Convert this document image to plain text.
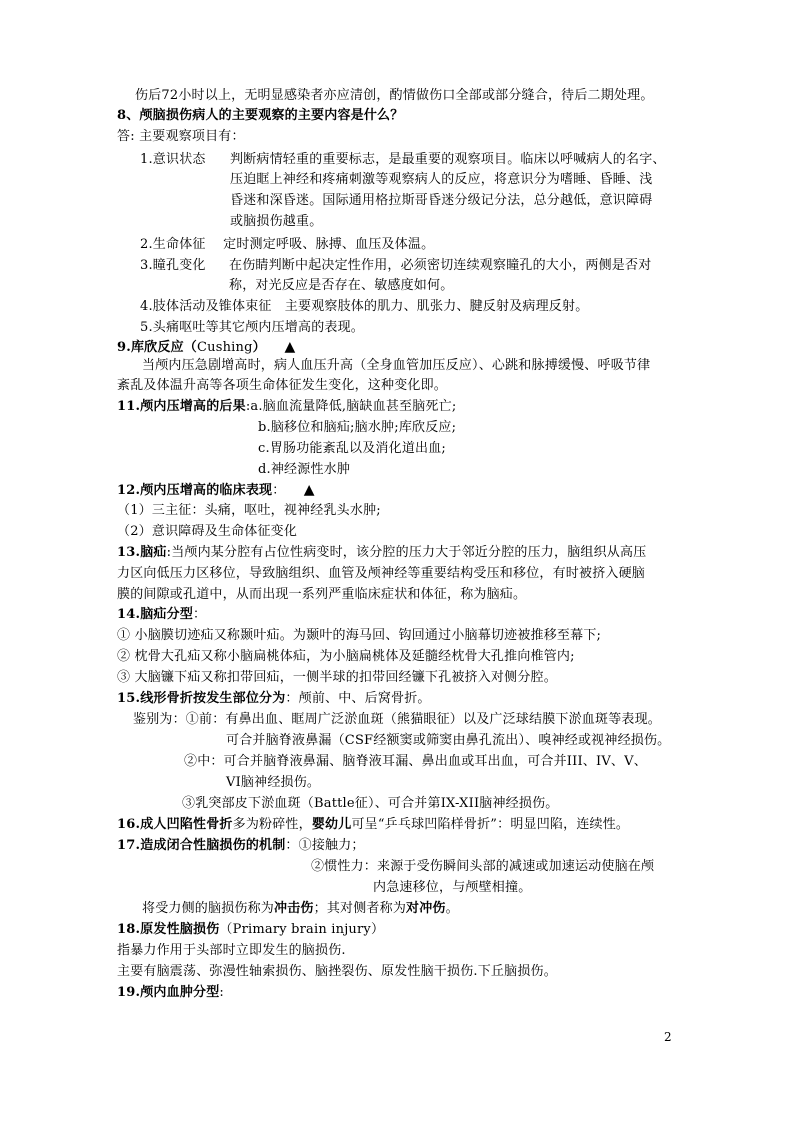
伤后72小时以上，无明显感染者亦应清创，酌情做伤口全部或部分缝合，待后二期处理。
8、颅脑损伤病人的主要观察的主要内容是什么？
答: 主要观察项目有：
1.意识状态 判断病情轻重的重要标志，是最重要的观察项目。临床以呼喊病人的名字、
压迫眶上神经和疼痛刺激等观察病人的反应，将意识分为嗜睡、昏睡、浅
昏迷和深昏迷。国际通用格拉斯哥昏迷分级记分法，总分越低，意识障碍
或脑损伤越重。
2.生命体征　 定时测定呼吸、脉搏、血压及体温。
3.瞳孔变化 在伤睛判断中起决定性作用，必须密切连续观察瞳孔的大小，两侧是否对
称，对光反应是否存在、敏感度如何。
4.肢体活动及锥体束征　主要观察肢体的肌力、肌张力、腱反射及病理反射。
5.头痛呕吐等其它颅内压增高的表现。
9.库欣反应（Cushing） ▲
当颅内压急剧增高时，病人血压升高（全身血管加压反应）、心跳和脉搏缓慢、呼吸节律
紊乱及体温升高等各项生命体征发生变化，这种变化即。
11.颅内压增高的后果:a.脑血流量降低,脑缺血甚至脑死亡;
b.脑移位和脑疝;脑水肿;库欣反应;
c.胃肠功能紊乱以及消化道出血;
d.神经源性水肿
12.颅内压增高的临床表现： ▲
（1）三主征：头痛，呕吐，视神经乳头水肿;
（2）意识障碍及生命体征变化
13.脑疝:当颅内某分腔有占位性病变时，该分腔的压力大于邻近分腔的压力，脑组织从高压
力区向低压力区移位，导致脑组织、血管及颅神经等重要结构受压和移位，有时被挤入硬脑
膜的间隙或孔道中，从而出现一系列严重临床症状和体征，称为脑疝。
14.脑疝分型：
① 小脑膜切迹疝又称颞叶疝。为颞叶的海马回、钩回通过小脑幕切迹被推移至幕下;
② 枕骨大孔疝又称小脑扁桃体疝，为小脑扁桃体及延髓经枕骨大孔推向椎管内;
③ 大脑镰下疝又称扣带回疝，一侧半球的扣带回经镰下孔被挤入对侧分腔。
15.线形骨折按发生部位分为：颅前、中、后窝骨折。
鉴别为：①前：有鼻出血、眶周广泛淤血斑（熊猫眼征）以及广泛球结膜下淤血斑等表现。
可合并脑脊液鼻漏（CSF经额窦或筛窦由鼻孔流出）、嗅神经或视神经损伤。
②中：可合并脑脊液鼻漏、脑脊液耳漏、鼻出血或耳出血，可合并III、IV、V、
VI脑神经损伤。
③乳突部皮下淤血斑（Battle征）、可合并第IX-XII脑神经损伤。
16.成人凹陷性骨折多为粉碎性，婴幼儿可呈“乒乓球凹陷样骨折”：明显凹陷，连续性。
17.造成闭合性脑损伤的机制：①接触力；
②惯性力：来源于受伤瞬间头部的减速或加速运动使脑在颅
内急速移位，与颅壁相撞。
将受力侧的脑损伤称为冲击伤；其对侧者称为对冲伤。
18.原发性脑损伤（Primary brain injury）
指暴力作用于头部时立即发生的脑损伤.
主要有脑震荡、弥漫性轴索损伤、脑挫裂伤、原发性脑干损伤.下丘脑损伤。
19.颅内血肿分型:
2
